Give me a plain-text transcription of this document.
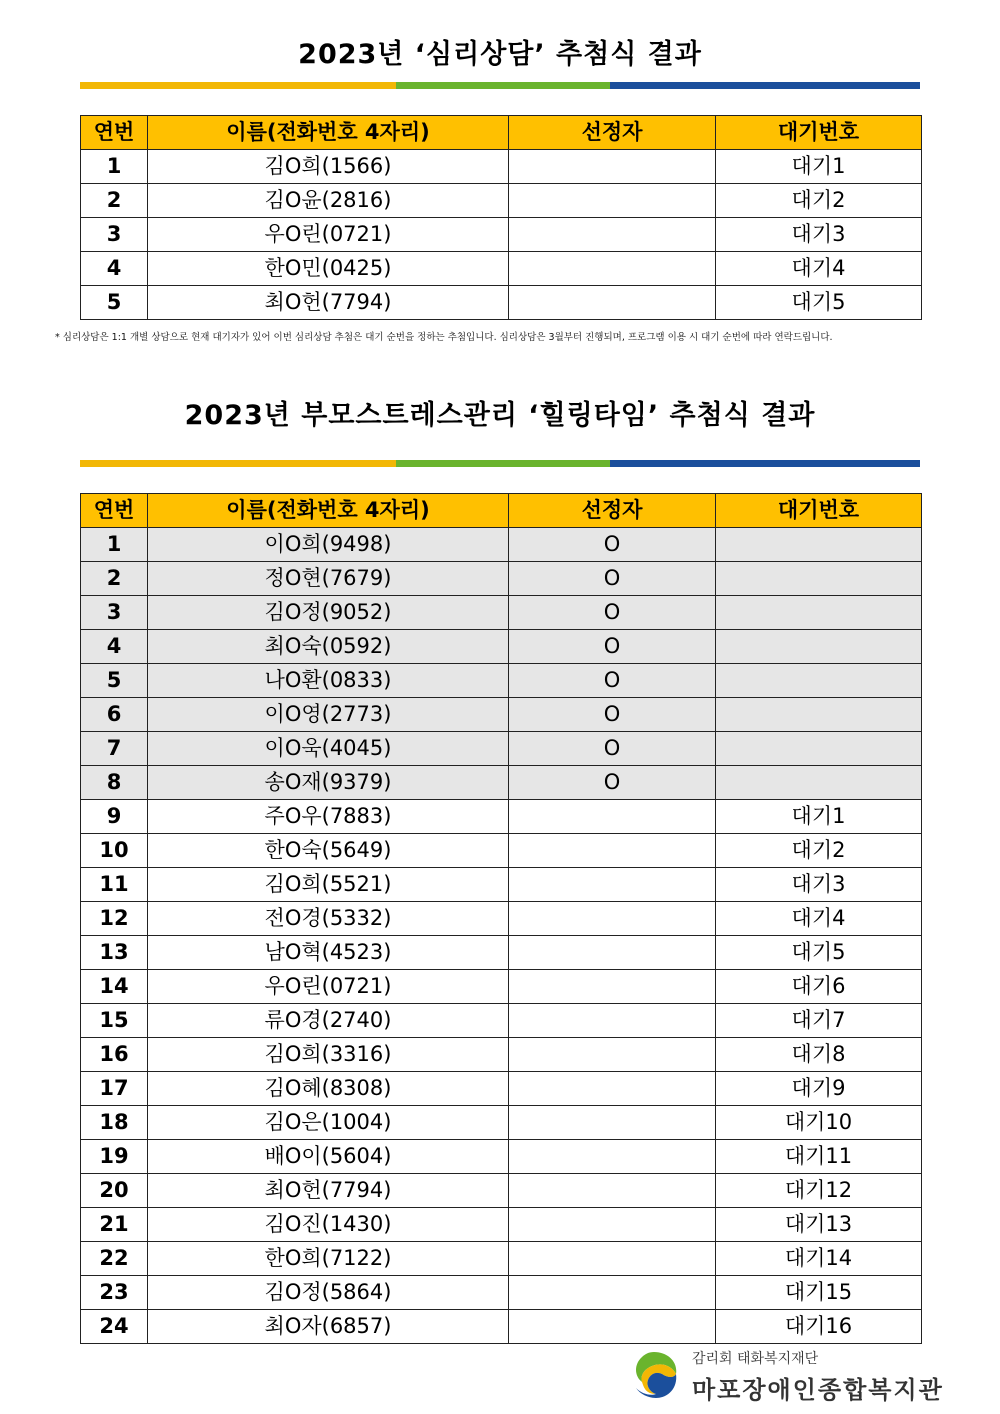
2023년 ‘심리상담’ 추첨식 결과
연번	이름(전화번호 4자리)	선정자	대기번호
1	김O희(1566)		대기1
2	김O윤(2816)		대기2
3	우O린(0721)		대기3
4	한O민(0425)		대기4
5	최O헌(7794)		대기5
* 심리상담은 1:1 개별 상담으로 현재 대기자가 있어 이번 심리상담 추첨은 대기 순번을 정하는 추첨입니다. 심리상담은 3월부터 진행되며, 프로그램 이용 시 대기 순번에 따라 연락드립니다.
2023년 부모스트레스관리 ‘힐링타임’ 추첨식 결과
연번	이름(전화번호 4자리)	선정자	대기번호
1	이O희(9498)	O	
2	정O현(7679)	O	
3	김O정(9052)	O	
4	최O숙(0592)	O	
5	나O환(0833)	O	
6	이O영(2773)	O	
7	이O욱(4045)	O	
8	송O재(9379)	O	
9	주O우(7883)		대기1
10	한O숙(5649)		대기2
11	김O희(5521)		대기3
12	전O경(5332)		대기4
13	남O혁(4523)		대기5
14	우O린(0721)		대기6
15	류O경(2740)		대기7
16	김O희(3316)		대기8
17	김O혜(8308)		대기9
18	김O은(1004)		대기10
19	배O이(5604)		대기11
20	최O헌(7794)		대기12
21	김O진(1430)		대기13
22	한O희(7122)		대기14
23	김O정(5864)		대기15
24	최O자(6857)		대기16
감리회 태화복지재단
마포장애인종합복지관
